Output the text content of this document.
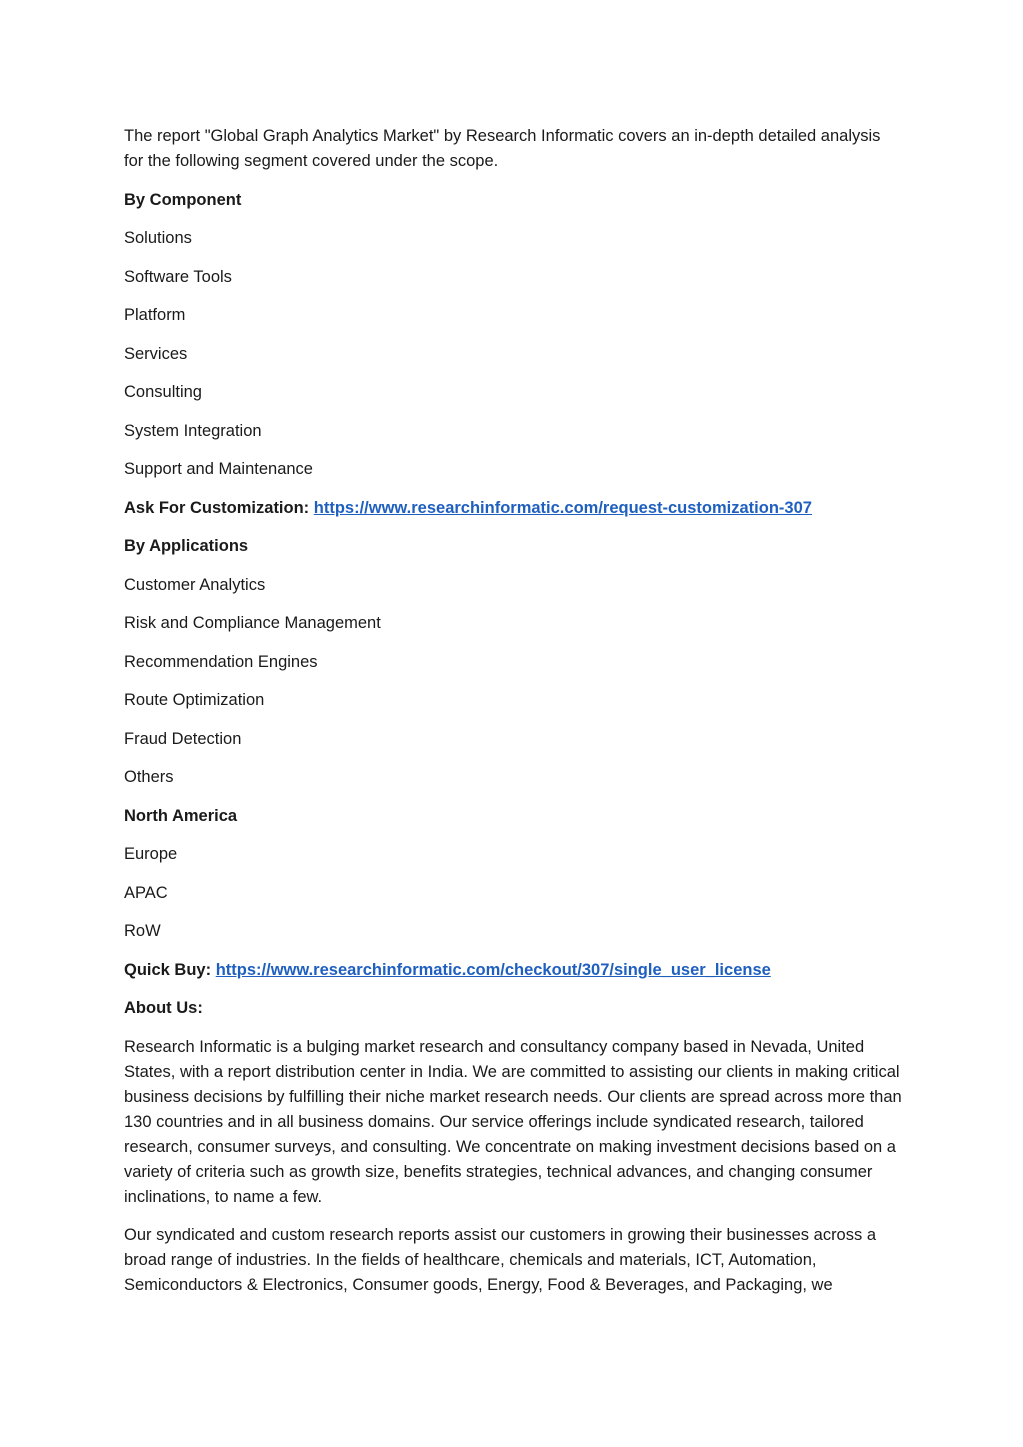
The report "Global Graph Analytics Market" by Research Informatic covers an in-depth detailed analysis for the following segment covered under the scope.

By Component

Solutions

Software Tools

Platform

Services

Consulting

System Integration

Support and Maintenance

Ask For Customization: https://www.researchinformatic.com/request-customization-307

By Applications

Customer Analytics

Risk and Compliance Management

Recommendation Engines

Route Optimization

Fraud Detection

Others

North America

Europe

APAC

RoW

Quick Buy: https://www.researchinformatic.com/checkout/307/single_user_license

About Us:

Research Informatic is a bulging market research and consultancy company based in Nevada, United States, with a report distribution center in India. We are committed to assisting our clients in making critical business decisions by fulfilling their niche market research needs. Our clients are spread across more than 130 countries and in all business domains. Our service offerings include syndicated research, tailored research, consumer surveys, and consulting. We concentrate on making investment decisions based on a variety of criteria such as growth size, benefits strategies, technical advances, and changing consumer inclinations, to name a few.

Our syndicated and custom research reports assist our customers in growing their businesses across a broad range of industries. In the fields of healthcare, chemicals and materials, ICT, Automation, Semiconductors & Electronics, Consumer goods, Energy, Food & Beverages, and Packaging, we
